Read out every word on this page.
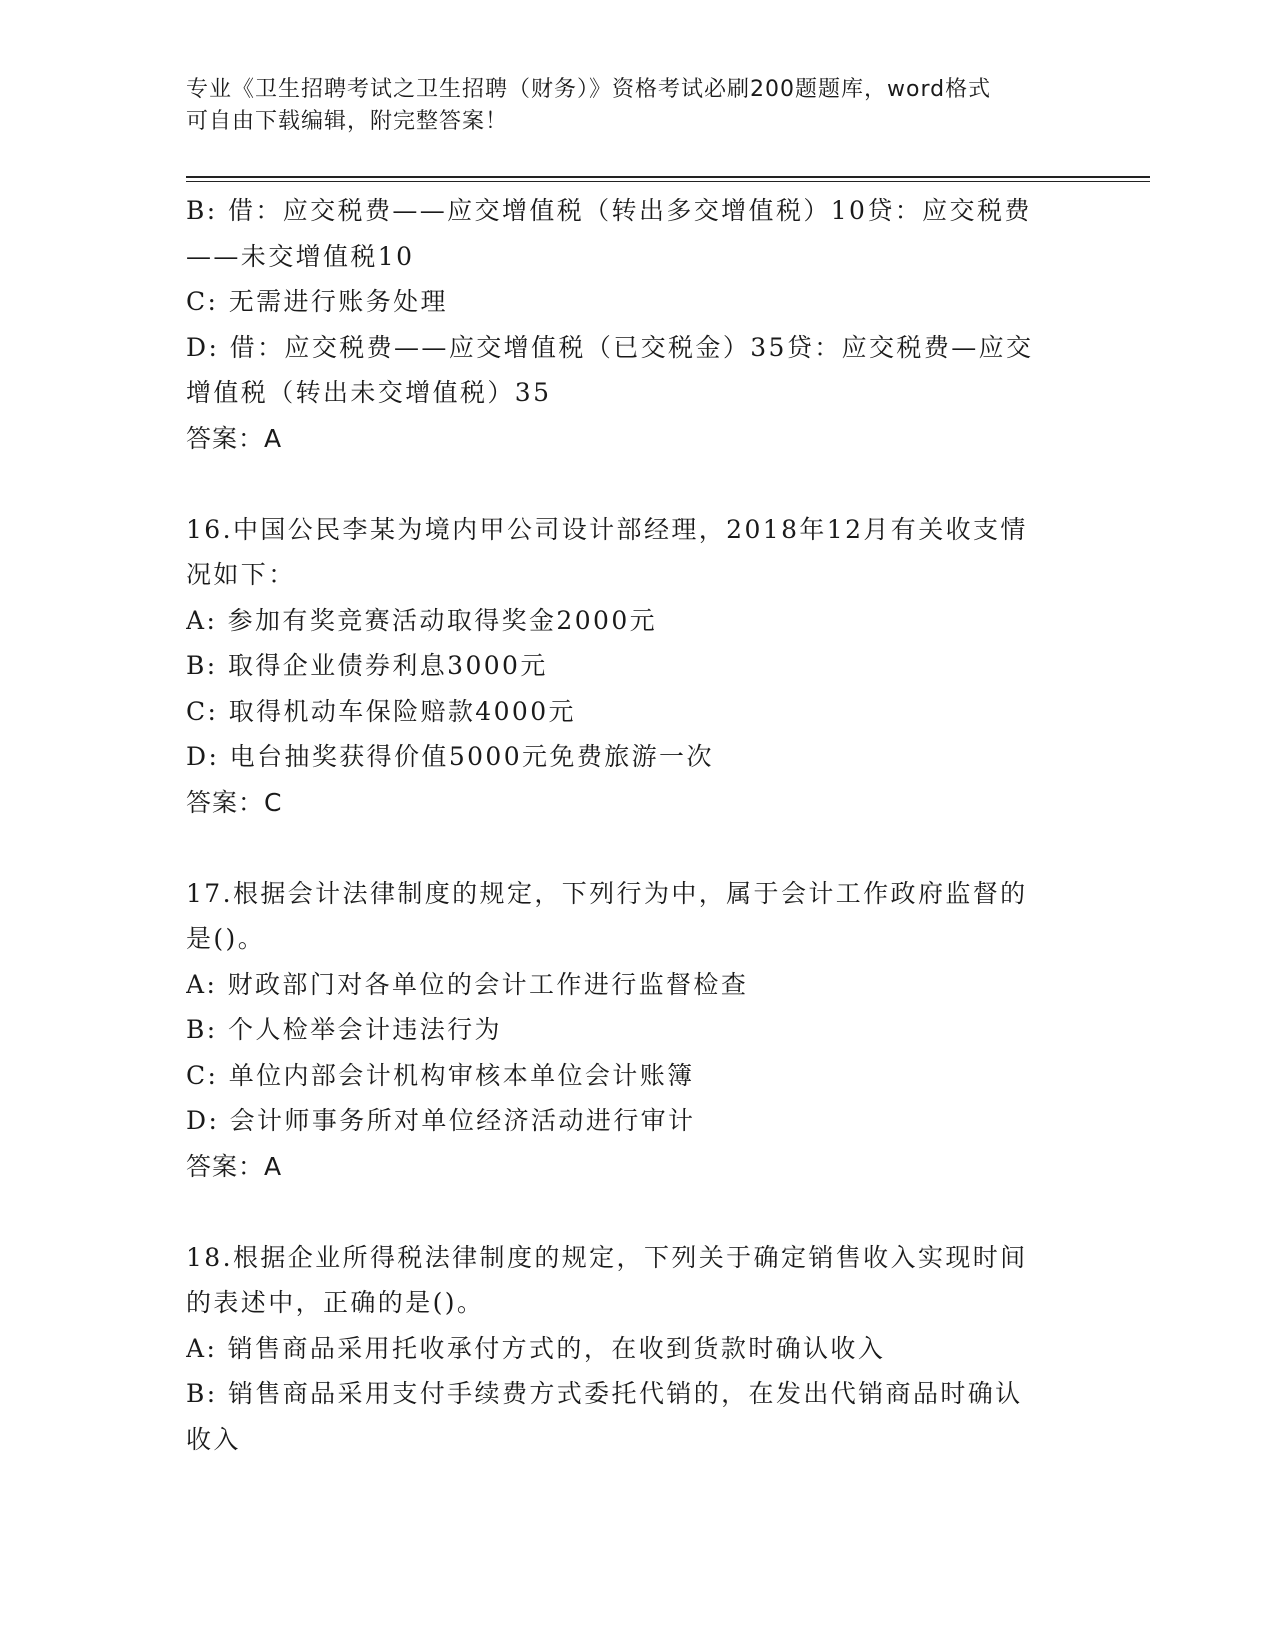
专业《卫生招聘考试之卫生招聘（财务）》资格考试必刷200题题库，word格式
可自由下载编辑，附完整答案！
B: 借：应交税费——应交增值税（转出多交增值税）10贷：应交税费
——未交增值税10
C: 无需进行账务处理
D: 借：应交税费——应交增值税（已交税金）35贷：应交税费—应交
增值税（转出未交增值税）35
答案：A
16.中国公民李某为境内甲公司设计部经理，2018年12月有关收支情
况如下：
A: 参加有奖竞赛活动取得奖金2000元
B: 取得企业债券利息3000元
C: 取得机动车保险赔款4000元
D: 电台抽奖获得价值5000元免费旅游一次
答案：C
17.根据会计法律制度的规定，下列行为中，属于会计工作政府监督的
是()。
A: 财政部门对各单位的会计工作进行监督检查
B: 个人检举会计违法行为
C: 单位内部会计机构审核本单位会计账簿
D: 会计师事务所对单位经济活动进行审计
答案：A
18.根据企业所得税法律制度的规定，下列关于确定销售收入实现时间
的表述中，正确的是()。
A: 销售商品采用托收承付方式的，在收到货款时确认收入
B: 销售商品采用支付手续费方式委托代销的，在发出代销商品时确认
收入
